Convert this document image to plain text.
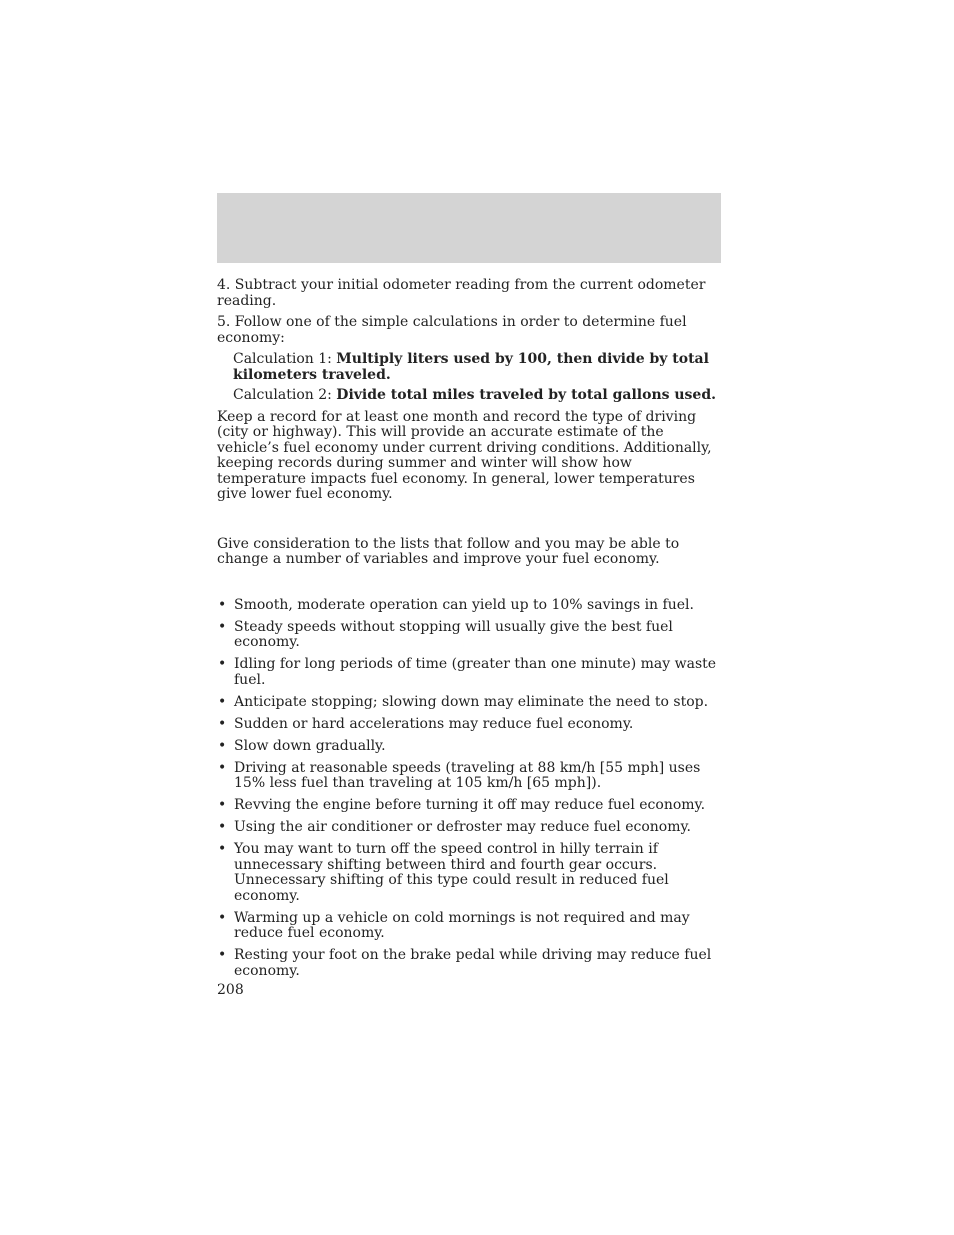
4. Subtract your initial odometer reading from the current odometer reading.

5. Follow one of the simple calculations in order to determine fuel economy:

Calculation 1: Multiply liters used by 100, then divide by total kilometers traveled.

Calculation 2: Divide total miles traveled by total gallons used.

Keep a record for at least one month and record the type of driving (city or highway). This will provide an accurate estimate of the vehicle’s fuel economy under current driving conditions. Additionally, keeping records during summer and winter will show how temperature impacts fuel economy. In general, lower temperatures give lower fuel economy.

Give consideration to the lists that follow and you may be able to change a number of variables and improve your fuel economy.

• Smooth, moderate operation can yield up to 10% savings in fuel.
• Steady speeds without stopping will usually give the best fuel economy.
• Idling for long periods of time (greater than one minute) may waste fuel.
• Anticipate stopping; slowing down may eliminate the need to stop.
• Sudden or hard accelerations may reduce fuel economy.
• Slow down gradually.
• Driving at reasonable speeds (traveling at 88 km/h [55 mph] uses 15% less fuel than traveling at 105 km/h [65 mph]).
• Revving the engine before turning it off may reduce fuel economy.
• Using the air conditioner or defroster may reduce fuel economy.
• You may want to turn off the speed control in hilly terrain if unnecessary shifting between third and fourth gear occurs. Unnecessary shifting of this type could result in reduced fuel economy.
• Warming up a vehicle on cold mornings is not required and may reduce fuel economy.
• Resting your foot on the brake pedal while driving may reduce fuel economy.
208
